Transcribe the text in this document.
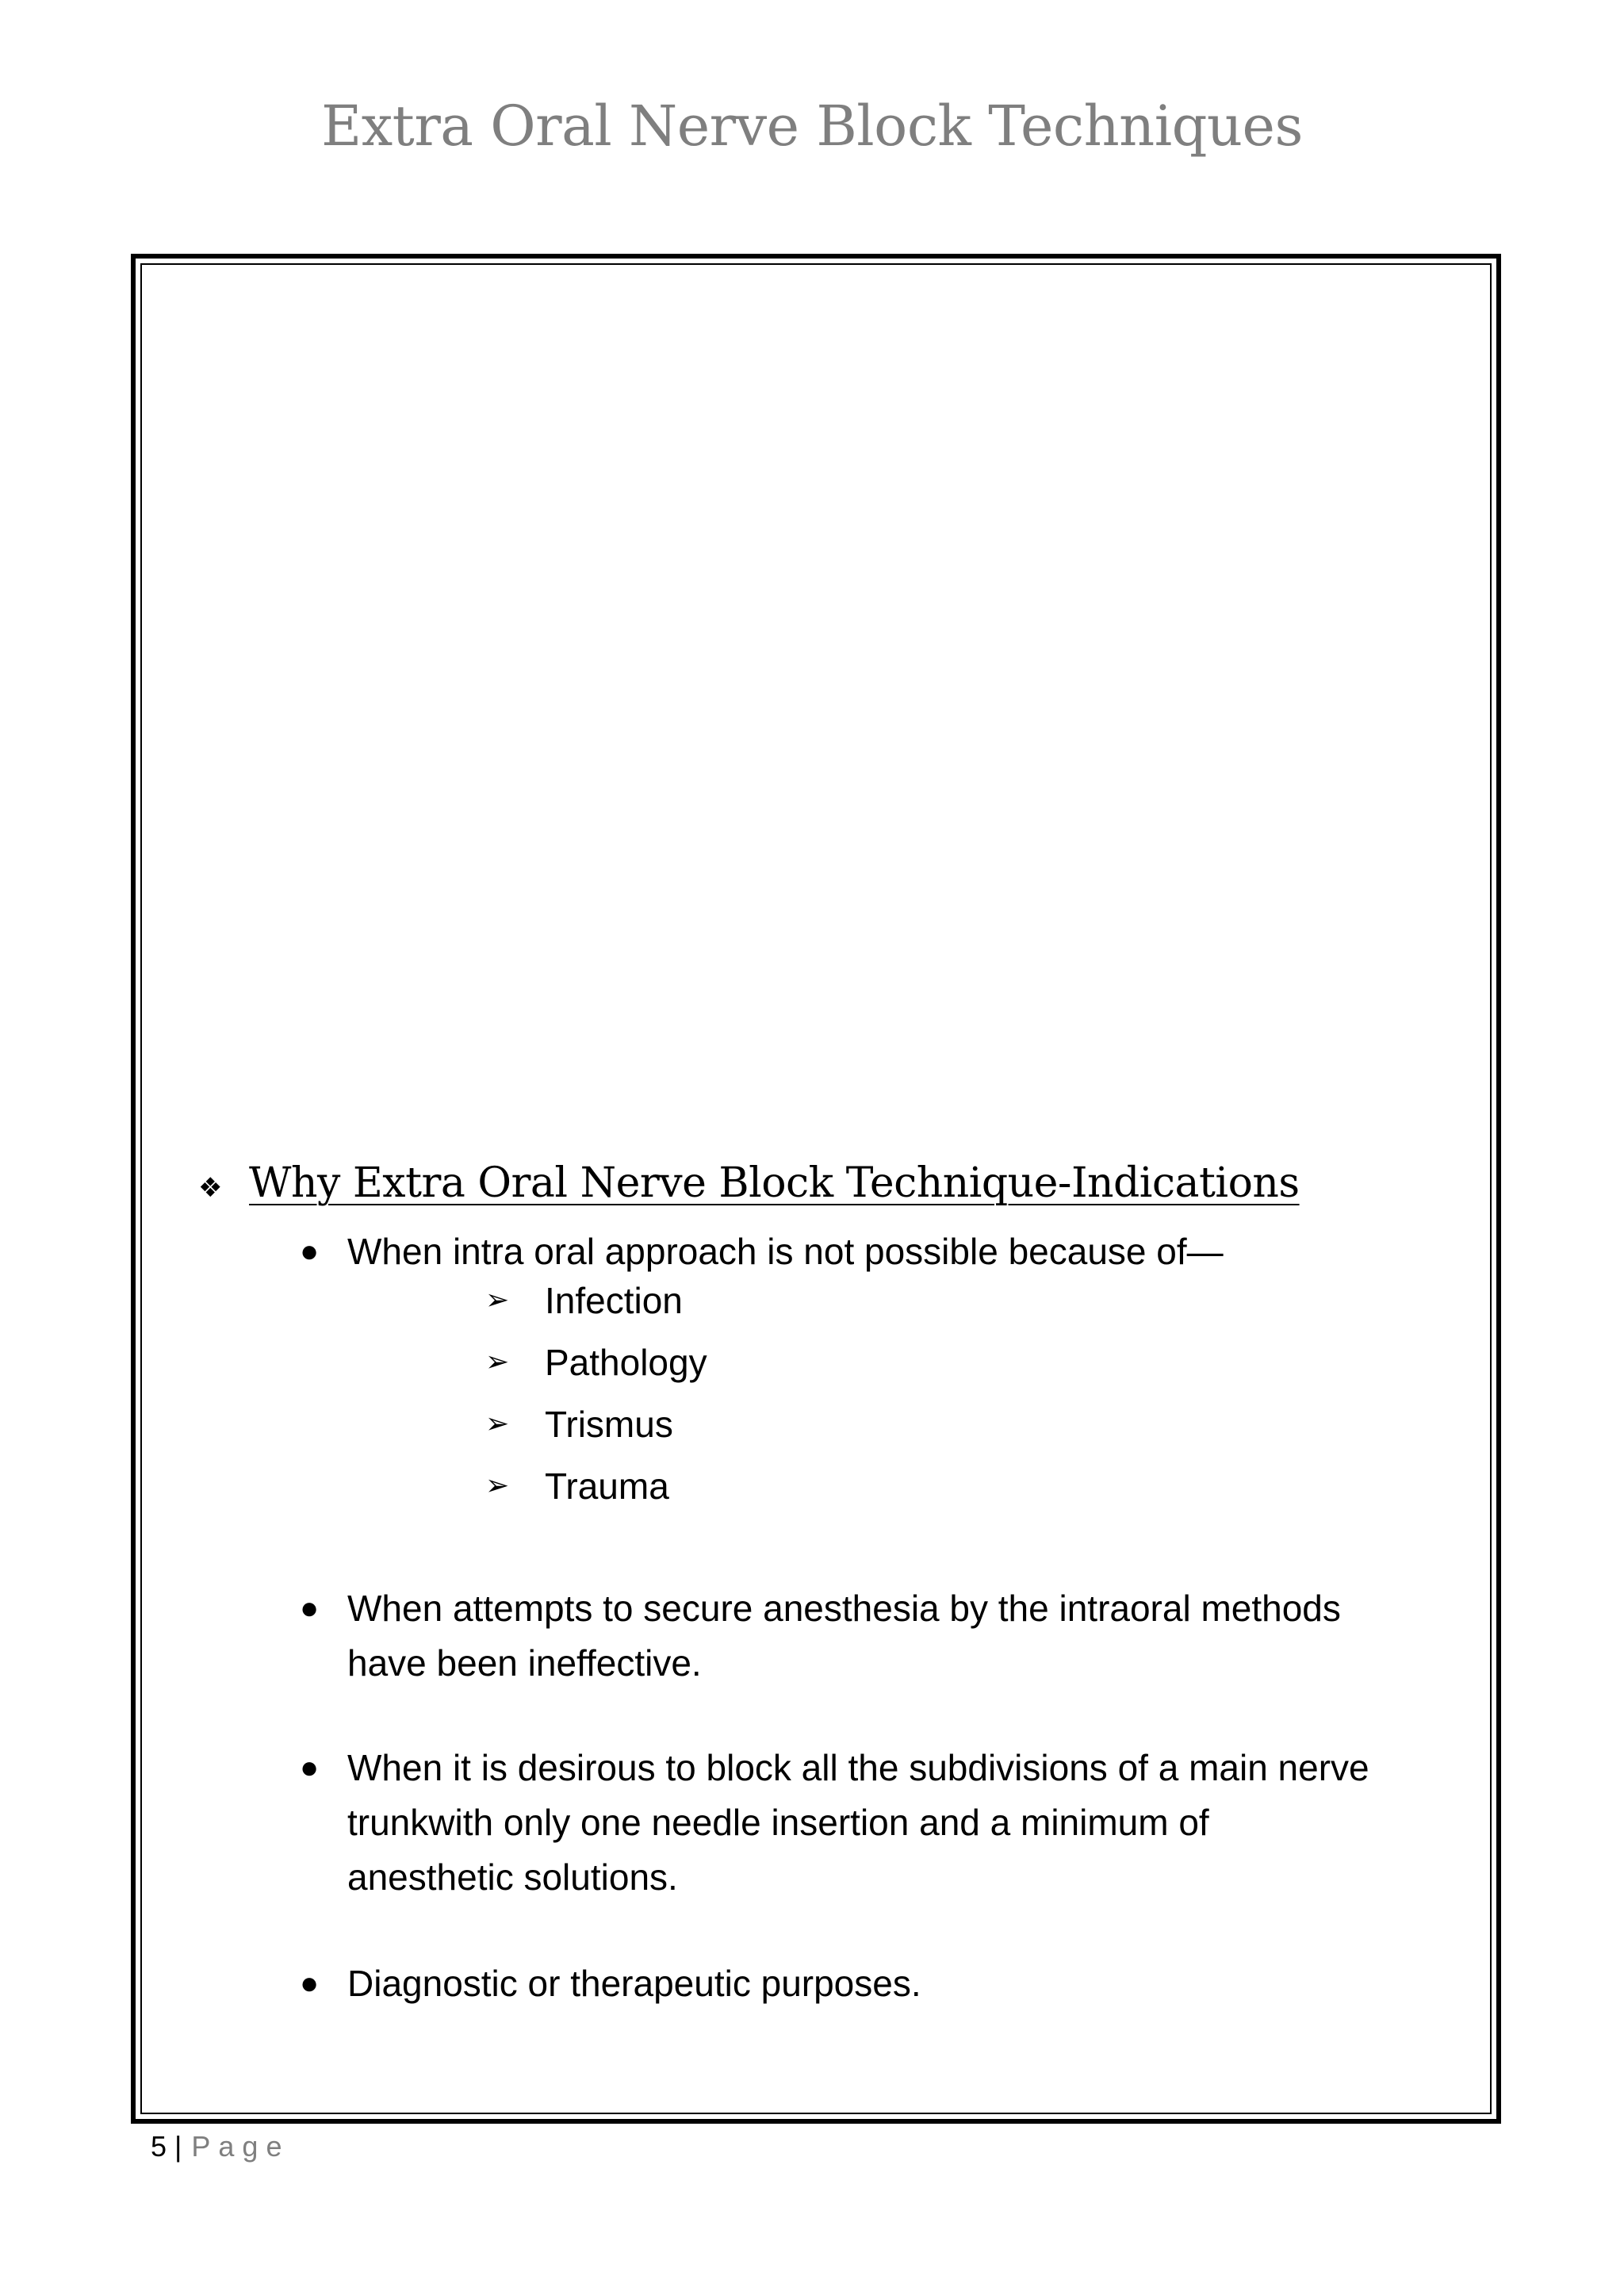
Extra Oral Nerve Block Techniques
❖ Why Extra Oral Nerve Block Technique-Indications
● When intra oral approach is not possible because of—
➢ Infection
➢ Pathology
➢ Trismus
➢ Trauma
● When attempts to secure anesthesia by the intraoral methods
have been ineffective.
● When it is desirous to block all the subdivisions of a main nerve
trunkwith only one needle insertion and a minimum of
anesthetic solutions.
● Diagnostic or therapeutic purposes.
5 | Page
